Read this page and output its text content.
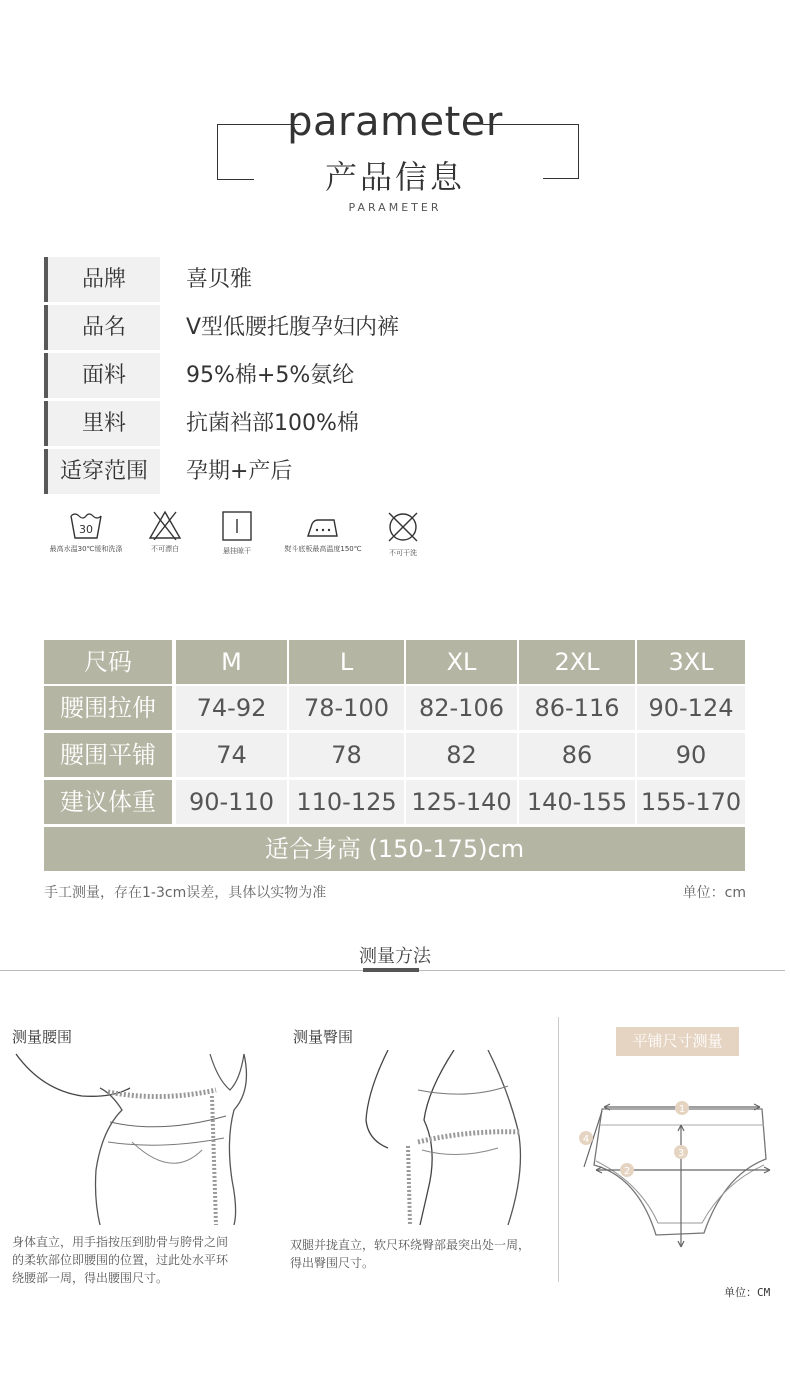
parameter
产品信息
PARAMETER
品牌	喜贝雅
品名	V型低腰托腹孕妇内裤
面料	95%棉+5%氨纶
里料	抗菌裆部100%棉
适穿范围	孕期+产后
30
最高水温30℃缓和洗涤	不可漂白	悬挂晾干	熨斗底板最高温度150℃	不可干洗
手工测量，存在1-3cm误差，具体以实物为准	单位：cm
测量方法
测量腰围
身体直立，用手指按压到肋骨与胯骨之间
的柔软部位即腰围的位置，过此处水平环
绕腰部一周，得出腰围尺寸。
测量臀围
双腿并拢直立，软尺环绕臀部最突出处一周，
得出臀围尺寸。
平铺尺寸测量
1
2
3
4
单位：CM
尺码	M	L	XL	2XL	3XL
腰围拉伸	74-92	78-100	82-106	86-116	90-124
腰围平铺	74	78	82	86	90
建议体重	90-110 110-125 125-140 140-155 155-170
适合身高 (150-175)cm
